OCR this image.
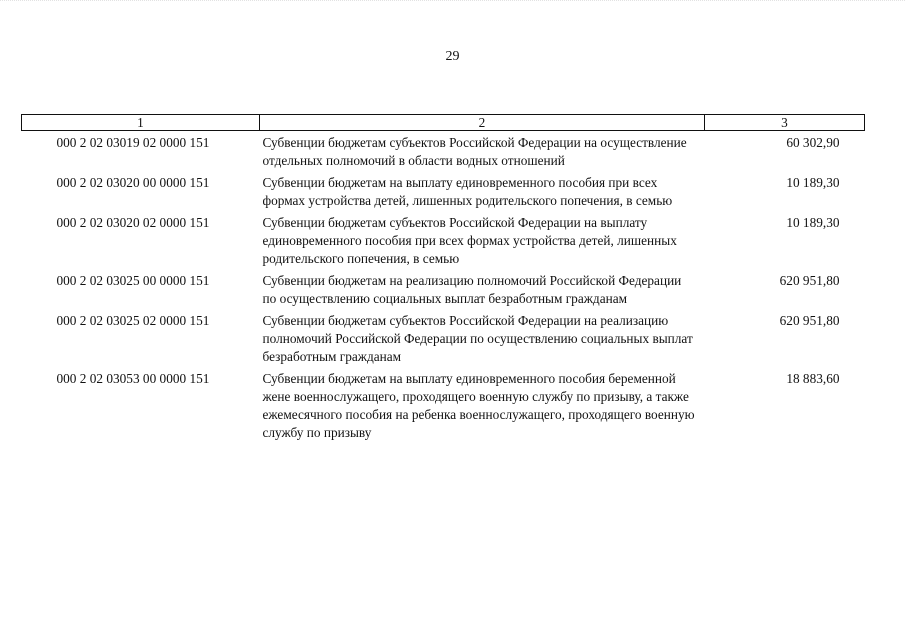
29
1	2	3
000 2 02 03019 02 0000 151	Субвенции бюджетам субъектов Российской Федерации на осуществление отдельных полномочий в области водных отношений	60 302,90
000 2 02 03020 00 0000 151	Субвенции бюджетам на выплату единовременного пособия при всех формах устройства детей, лишенных родительского попечения, в семью	10 189,30
000 2 02 03020 02 0000 151	Субвенции бюджетам субъектов Российской Федерации на выплату единовременного пособия при всех формах устройства детей, лишенных родительского попечения, в семью	10 189,30
000 2 02 03025 00 0000 151	Субвенции бюджетам на реализацию полномочий Российской Федерации по осуществлению социальных выплат безработным гражданам	620 951,80
000 2 02 03025 02 0000 151	Субвенции бюджетам субъектов Российской Федерации на реализацию полномочий Российской Федерации по осуществлению социальных выплат безработным гражданам	620 951,80
000 2 02 03053 00 0000 151	Субвенции бюджетам на выплату единовременного пособия беременной жене военнослужащего, проходящего военную службу по призыву, а также ежемесячного пособия на ребенка военнослужащего, проходящего военную службу по призыву	18 883,60
